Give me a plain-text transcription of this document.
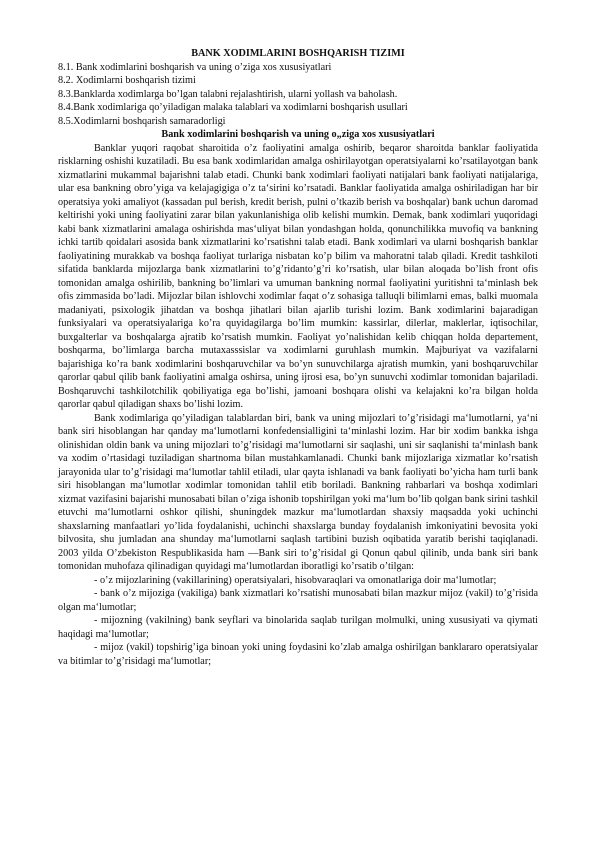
BANK XODIMLARINI BOSHQARISH TIZIMI
8.1. Bank xodimlarini boshqarish va uning o’ziga xos xususiyatlari
8.2. Xodimlarni boshqarish tizimi
8.3.Banklarda xodimlarga bo’lgan talabni rejalashtirish, ularni yollash va baholash.
8.4.Bank xodimlariga qo’yiladigan malaka talablari va xodimlarni boshqarish usullari
8.5.Xodimlarni boshqarish samaradorligi
Bank xodimlarini boshqarish va uning o„ziga xos xususiyatlari

Banklar yuqori raqobat sharoitida o’z faoliyatini amalga oshirib, beqaror sharoitda banklar faoliyatida risklarning oshishi kuzatiladi. Bu esa bank xodimlaridan amalga oshirilayotgan operatsiyalarni ko’rsatilayotgan bank xizmatlarini mukammal bajarishni talab etadi. Chunki bank xodimlari faoliyati natijalari bank faoliyati natijalariga, ular esa bankning obro’yiga va kelajagigiga o’z ta‘sirini ko’rsatadi. Banklar faoliyatida amalga oshiriladigan har bir operatsiya yoki amaliyot (kassadan pul berish, kredit berish, pulni o’tkazib berish va boshqalar) bank uchun daromad keltirishi yoki uning faoliyatini zarar bilan yakunlanishiga olib kelishi mumkin. Demak, bank xodimlari yuqoridagi kabi bank xizmatlarini amalaga oshirishda mas‘uliyat bilan yondashgan holda, qonunchilikka muvofiq va bankning ichki tartib qoidalari asosida bank xizmatlarini ko’rsatishni talab etadi. Bank xodimlari va ularni boshqarish banklar faoliyatining murakkab va boshqa faoliyat turlariga nisbatan ko’p bilim va mahoratni talab qiladi. Kredit tashkiloti sifatida banklarda mijozlarga bank xizmatlarini to’g’ridanto’g’ri ko’rsatish, ular bilan aloqada bo’lish front ofis tomonidan amalga oshirilib, bankning bo’limlari va umuman bankning normal faoliyatini yuritishni ta‘minlash bek ofis zimmasida bo’ladi. Mijozlar bilan ishlovchi xodimlar faqat o’z sohasiga talluqli bilimlarni emas, balki muomala madaniyati, psixologik jihatdan va boshqa jihatlari bilan ajarlib turishi lozim. Bank xodimlarini bajaradigan funksiyalari va operatsiyalariga ko’ra quyidagilarga bo’lim mumkin: kassirlar, dilerlar, maklerlar, iqtisochilar, buxgalterlar va boshqalarga ajratib ko’rsatish mumkin. Faoliyat yo’nalishidan kelib chiqqan holda departement, boshqarma, bo’limlarga barcha mutaxasssislar va xodimlarni guruhlash mumkin. Majburiyat va vazifalarni bajarishiga ko’ra bank xodimlarini boshqaruvchilar va bo’yn sunuvchilarga ajratish mumkin, yani boshqaruvchilar qarorlar qabul qilib bank faoliyatini amalga oshirsa, uning ijrosi esa, bo’yn sunuvchi xodimlar tomonidan bajariladi. Boshqaruvchi tashkilotchilik qobiliyatiga ega bo’lishi, jamoani boshqara olishi va kelajakni ko’ra bilgan holda qarorlar qabul qiladigan shaxs bo’lishi lozim.

Bank xodimlariga qo’yiladigan talablardan biri, bank va uning mijozlari to’g’risidagi ma‘lumotlarni, ya‘ni bank siri hisoblangan har qanday ma‘lumotlarni konfedensialligini ta‘minlashi lozim. Har bir xodim bankka ishga olinishidan oldin bank va uning mijozlari to’g’risidagi ma‘lumotlarni sir saqlashi, uni sir saqlanishi ta‘minlash bank va xodim o’rtasidagi tuziladigan shartnoma bilan mustahkamlanadi. Chunki bank mijozlariga xizmatlar ko’rsatish jarayonida ular to’g’risidagi ma‘lumotlar tahlil etiladi, ular qayta ishlanadi va bank faoliyati bo’yicha ham turli bank siri hisoblangan ma‘lumotlar xodimlar tomonidan tahlil etib boriladi. Bankning rahbarlari va boshqa xodimlari xizmat vazifasini bajarishi munosabati bilan o’ziga ishonib topshirilgan yoki ma‘lum bo’lib qolgan bank sirini tashkil etuvchi ma‘lumotlarni oshkor qilishi, shuningdek mazkur ma‘lumotlardan shaxsiy maqsadda yoki uchinchi shaxslarning manfaatlari yo’lida foydalanishi, uchinchi shaxslarga bunday foydalanish imkoniyatini bevosita yoki bilvosita, shu jumladan ana shunday ma‘lumotlarni saqlash tartibini buzish oqibatida yaratib berishi taqiqlanadi. 2003 yilda O’zbekiston Respublikasida ham ―Bank siri to’g’risidaǁ gi Qonun qabul qilinib, unda bank siri bank tomonidan muhofaza qilinadigan quyidagi ma‘lumotlardan iboratligi ko’rsatib o’tilgan:

- o’z mijozlarining (vakillarining) operatsiyalari, hisobvaraqlari va omonatlariga doir ma‘lumotlar;
- bank o’z mijoziga (vakiliga) bank xizmatlari ko’rsatishi munosabati bilan mazkur mijoz (vakil) to’g’risida olgan ma‘lumotlar;
- mijozning (vakilning) bank seyflari va binolarida saqlab turilgan molmulki, uning xususiyati va qiymati haqidagi ma‘lumotlar;
- mijoz (vakil) topshirig’iga binoan yoki uning foydasini ko’zlab amalga oshirilgan banklararo operatsiyalar va bitimlar to’g’risidagi ma‘lumotlar;
